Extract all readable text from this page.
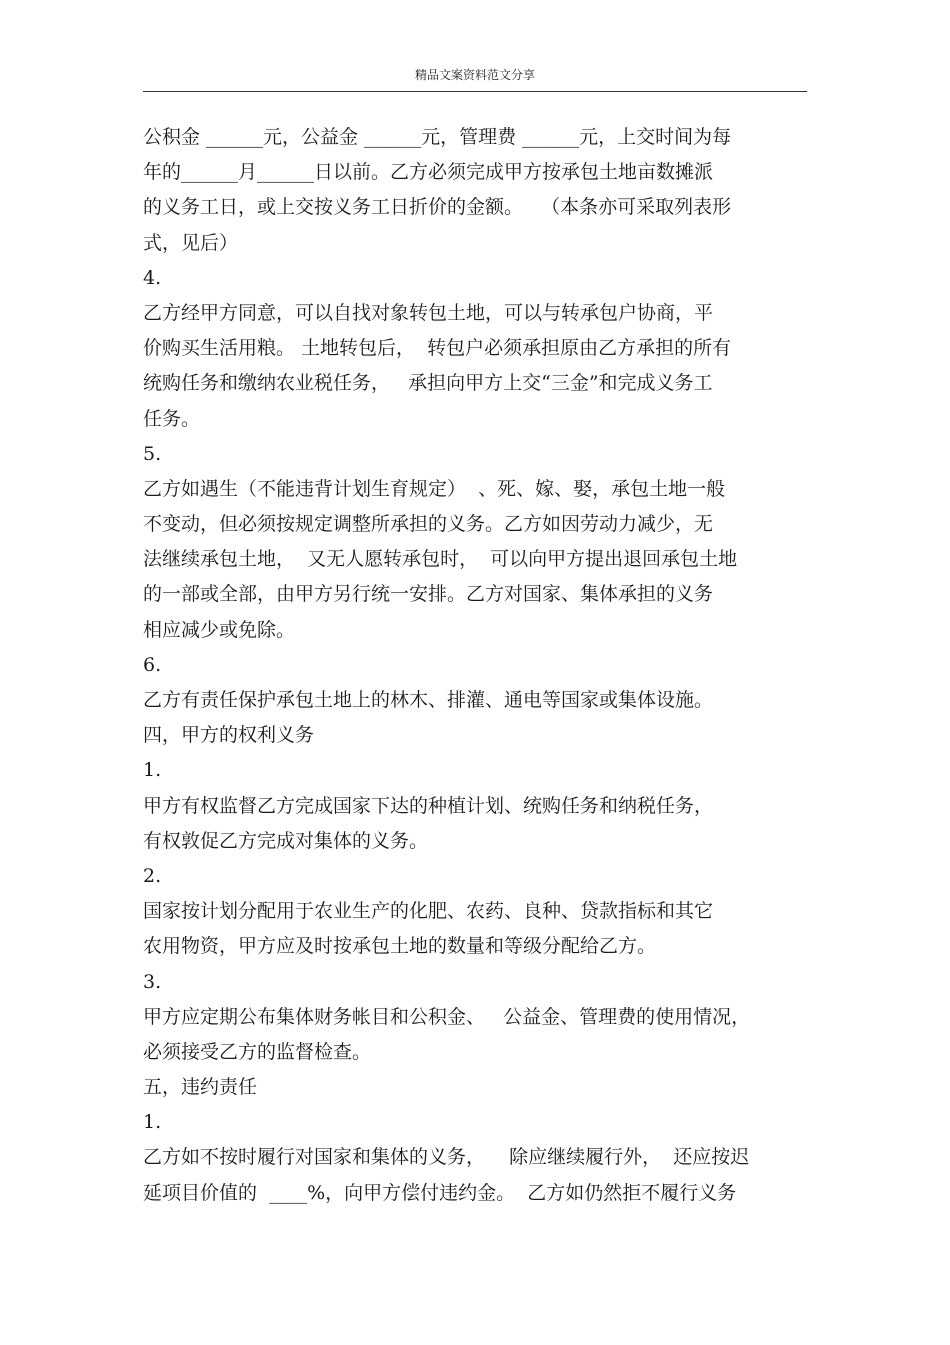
精品文案资料范文分享
公积金 ______元，公益金 ______元，管理费 ______元，上交时间为每
年的______月______日以前。乙方必须完成甲方按承包土地亩数摊派
的义务工日，或上交按义务工日折价的金额。   （本条亦可采取列表形
式，见后）
4.
乙方经甲方同意，可以自找对象转包土地，可以与转承包户协商，平
价购买生活用粮。 土地转包后，  转包户必须承担原由乙方承担的所有
统购任务和缴纳农业税任务，   承担向甲方上交“三金”和完成义务工
任务。
5.
乙方如遇生（不能违背计划生育规定）  、死、嫁、娶，承包土地一般
不变动，但必须按规定调整所承担的义务。乙方如因劳动力减少，无
法继续承包土地，  又无人愿转承包时，  可以向甲方提出退回承包土地
的一部或全部，由甲方另行统一安排。乙方对国家、集体承担的义务
相应减少或免除。
6.
乙方有责任保护承包土地上的林木、排灌、通电等国家或集体设施。
四，甲方的权利义务
1.
甲方有权监督乙方完成国家下达的种植计划、统购任务和纳税任务，
有权敦促乙方完成对集体的义务。
2.
国家按计划分配用于农业生产的化肥、农药、良种、贷款指标和其它
农用物资，甲方应及时按承包土地的数量和等级分配给乙方。
3.
甲方应定期公布集体财务帐目和公积金、   公益金、管理费的使用情况，
必须接受乙方的监督检查。
五，违约责任
1.
乙方如不按时履行对国家和集体的义务，    除应继续履行外，  还应按迟
延项目价值的  ____%，向甲方偿付违约金。  乙方如仍然拒不履行义务
